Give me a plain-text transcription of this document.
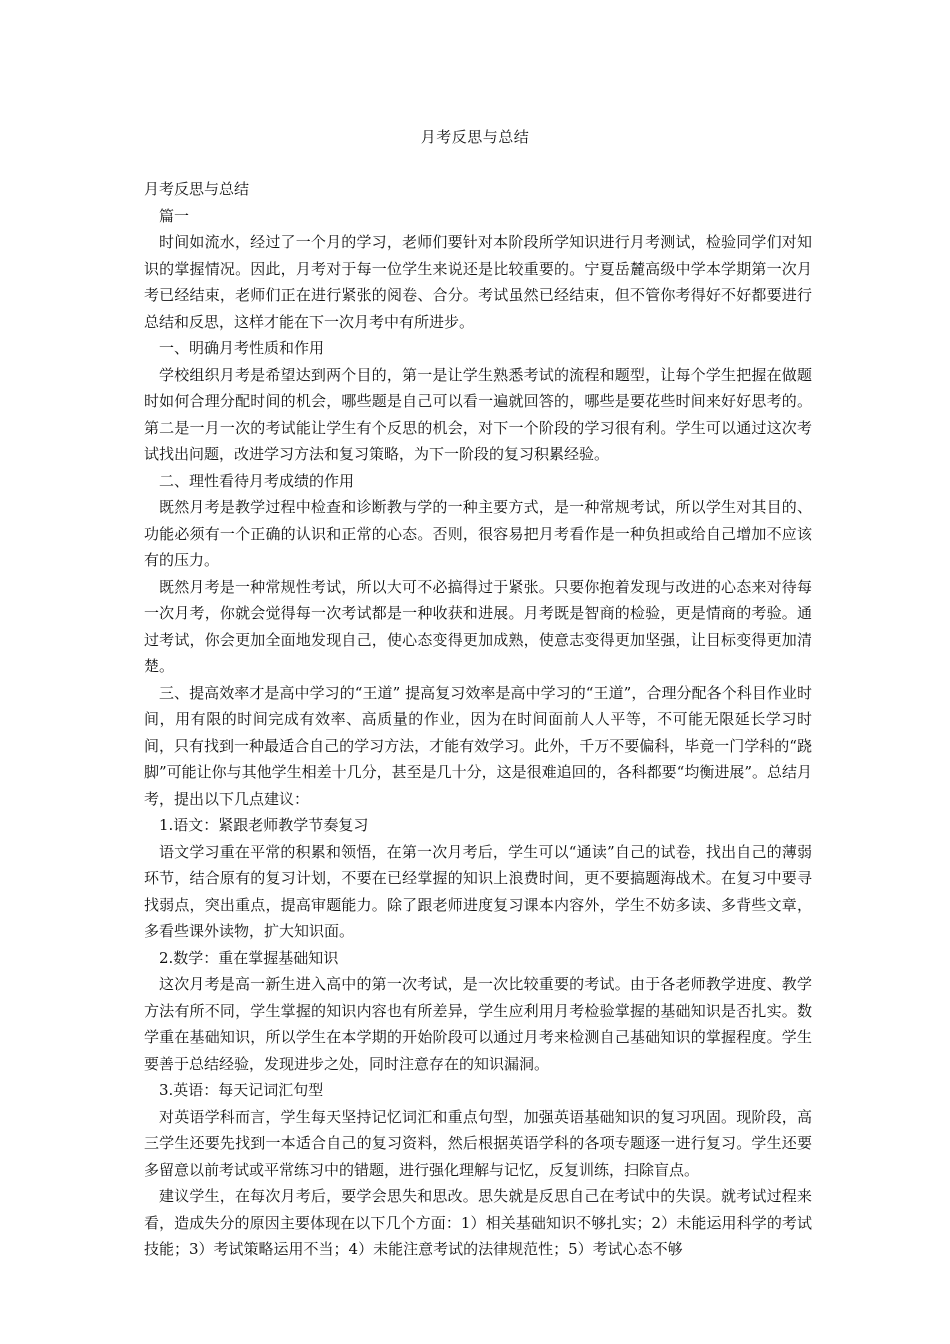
月考反思与总结

月考反思与总结

篇一

时间如流水，经过了一个月的学习，老师们要针对本阶段所学知识进行月考测试，检验同学们对知识的掌握情况。因此，月考对于每一位学生来说还是比较重要的。宁夏岳麓高级中学本学期第一次月考已经结束，老师们正在进行紧张的阅卷、合分。考试虽然已经结束，但不管你考得好不好都要进行总结和反思，这样才能在下一次月考中有所进步。

一、明确月考性质和作用

学校组织月考是希望达到两个目的，第一是让学生熟悉考试的流程和题型，让每个学生把握在做题时如何合理分配时间的机会，哪些题是自己可以看一遍就回答的，哪些是要花些时间来好好思考的。第二是一月一次的考试能让学生有个反思的机会，对下一个阶段的学习很有利。学生可以通过这次考试找出问题，改进学习方法和复习策略，为下一阶段的复习积累经验。

二、理性看待月考成绩的作用

既然月考是教学过程中检查和诊断教与学的一种主要方式，是一种常规考试，所以学生对其目的、功能必须有一个正确的认识和正常的心态。否则，很容易把月考看作是一种负担或给自己增加不应该有的压力。

既然月考是一种常规性考试，所以大可不必搞得过于紧张。只要你抱着发现与改进的心态来对待每一次月考，你就会觉得每一次考试都是一种收获和进展。月考既是智商的检验，更是情商的考验。通过考试，你会更加全面地发现自己，使心态变得更加成熟，使意志变得更加坚强，让目标变得更加清楚。

三、提高效率才是高中学习的“王道” 提高复习效率是高中学习的“王道”，合理分配各个科目作业时间，用有限的时间完成有效率、高质量的作业，因为在时间面前人人平等，不可能无限延长学习时间，只有找到一种最适合自己的学习方法，才能有效学习。此外，千万不要偏科，毕竟一门学科的“跷脚”可能让你与其他学生相差十几分，甚至是几十分，这是很难追回的，各科都要“均衡进展”。总结月考，提出以下几点建议：

1.语文：紧跟老师教学节奏复习

语文学习重在平常的积累和领悟，在第一次月考后，学生可以“通读”自己的试卷，找出自己的薄弱环节，结合原有的复习计划，不要在已经掌握的知识上浪费时间，更不要搞题海战术。在复习中要寻找弱点，突出重点，提高审题能力。除了跟老师进度复习课本内容外，学生不妨多读、多背些文章，多看些课外读物，扩大知识面。

2.数学：重在掌握基础知识

这次月考是高一新生进入高中的第一次考试，是一次比较重要的考试。由于各老师教学进度、教学方法有所不同，学生掌握的知识内容也有所差异，学生应利用月考检验掌握的基础知识是否扎实。数学重在基础知识，所以学生在本学期的开始阶段可以通过月考来检测自己基础知识的掌握程度。学生要善于总结经验，发现进步之处，同时注意存在的知识漏洞。

3.英语：每天记词汇句型

对英语学科而言，学生每天坚持记忆词汇和重点句型，加强英语基础知识的复习巩固。现阶段，高三学生还要先找到一本适合自己的复习资料，然后根据英语学科的各项专题逐一进行复习。学生还要多留意以前考试或平常练习中的错题，进行强化理解与记忆，反复训练，扫除盲点。

建议学生，在每次月考后，要学会思失和思改。思失就是反思自己在考试中的失误。就考试过程来看，造成失分的原因主要体现在以下几个方面：1）相关基础知识不够扎实；2）未能运用科学的考试技能；3）考试策略运用不当；4）未能注意考试的法律规范性；5）考试心态不够
